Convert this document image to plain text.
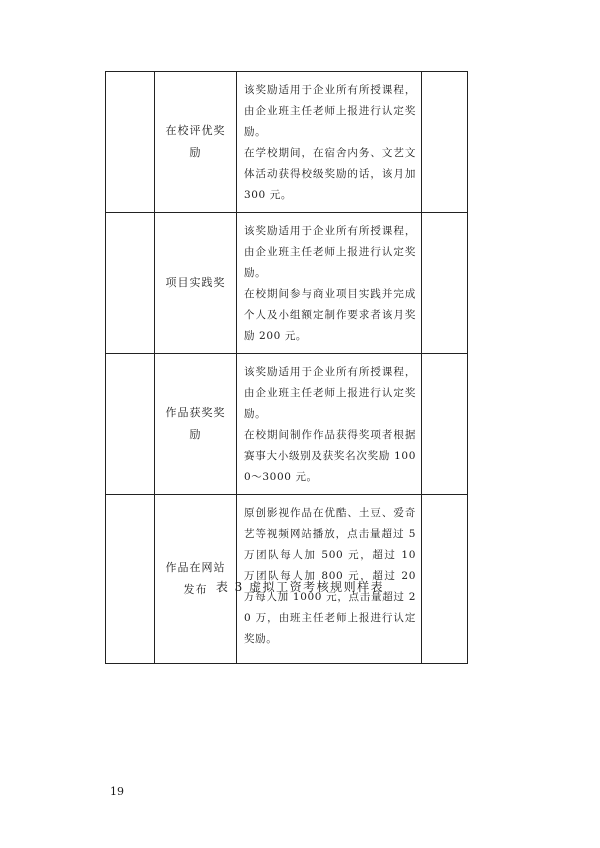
	在校评优奖励	该奖励适用于企业所有所授课程，由企业班主任老师上报进行认定奖励。
在学校期间，在宿舍内务、文艺文体活动获得校级奖励的话，该月加 300 元。	

	项目实践奖	该奖励适用于企业所有所授课程，由企业班主任老师上报进行认定奖励。
在校期间参与商业项目实践并完成个人及小组额定制作要求者该月奖励 200 元。	

	作品获奖奖励	该奖励适用于企业所有所授课程，由企业班主任老师上报进行认定奖励。
在校期间制作作品获得奖项者根据赛事大小级别及获奖名次奖励 1000～3000 元。	

	作品在网站发布	原创影视作品在优酷、土豆、爱奇艺等视频网站播放，点击量超过 5 万团队每人加 500 元，超过 10 万团队每人加 800 元，超过 20 万每人加 1000 元，点击量超过 20 万，由班主任老师上报进行认定奖励。	

表 3 虚拟工资考核规则样表
19
